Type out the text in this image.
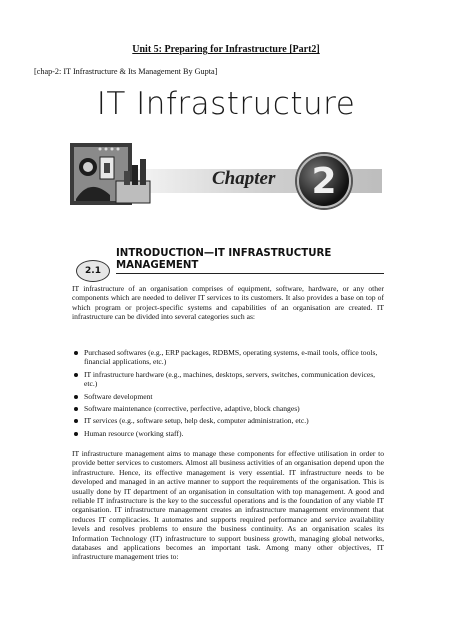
Unit 5: Preparing for Infrastructure [Part2]
[chap-2: IT Infrastructure & Its Management By Gupta]
IT Infrastructure
Chapter	2
2.1
INTRODUCTION—IT INFRASTRUCTURE MANAGEMENT
IT infrastructure of an organisation comprises of equipment, software, hardware, or any other components which are needed to deliver IT services to its customers. It also provides a base on top of which program or project-specific systems and capabilities of an organisation are created. IT infrastructure can be divided into several categories such as:
Purchased softwares (e.g., ERP packages, RDBMS, operating systems, e-mail tools, office tools, financial applications, etc.)
IT infrastructure hardware (e.g., machines, desktops, servers, switches, communication devices, etc.)
Software development
Software maintenance (corrective, perfective, adaptive, block changes)
IT services (e.g., software setup, help desk, computer administration, etc.)
Human resource (working staff).
IT infrastructure management aims to manage these components for effective utilisation in order to provide better services to customers. Almost all business activities of an organisation depend upon the infrastructure. Hence, its effective management is very essential. IT infrastructure needs to be developed and managed in an active manner to support the requirements of the organisation. This is usually done by IT department of an organisation in consultation with top management. A good and reliable IT infrastructure is the key to the successful operations and is the foundation of any viable IT organisation. IT infrastructure management creates an infrastructure management environment that reduces IT complicacies. It automates and supports required performance and service availability levels and resolves problems to ensure the business continuity. As an organisation scales its Information Technology (IT) infrastructure to support business growth, managing global networks, databases and applications becomes an important task. Among many other objectives, IT infrastructure management tries to:
